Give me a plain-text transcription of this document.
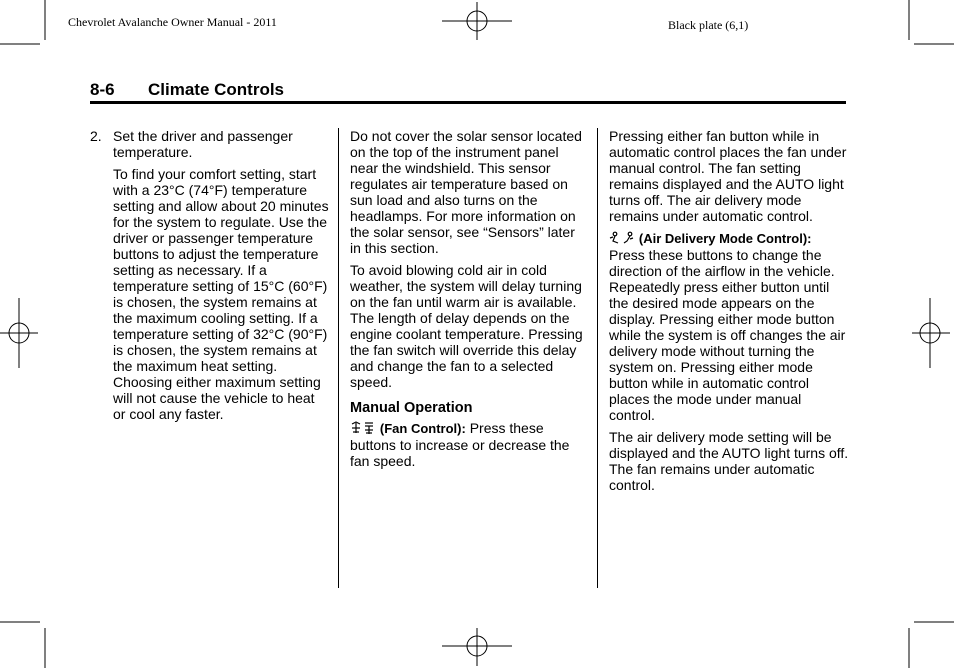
Chevrolet Avalanche Owner Manual - 2011	Black plate (6,1)
8-6 Climate Controls

2. Set the driver and passenger temperature.

To find your comfort setting, start with a 23°C (74°F) temperature setting and allow about 20 minutes for the system to regulate. Use the driver or passenger temperature buttons to adjust the temperature setting as necessary. If a temperature setting of 15°C (60°F) is chosen, the system remains at the maximum cooling setting. If a temperature setting of 32°C (90°F) is chosen, the system remains at the maximum heat setting. Choosing either maximum setting will not cause the vehicle to heat or cool any faster.

Do not cover the solar sensor located on the top of the instrument panel near the windshield. This sensor regulates air temperature based on sun load and also turns on the headlamps. For more information on the solar sensor, see “Sensors” later in this section.

To avoid blowing cold air in cold weather, the system will delay turning on the fan until warm air is available. The length of delay depends on the engine coolant temperature. Pressing the fan switch will override this delay and change the fan to a selected speed.

Manual Operation

(Fan Control): Press these buttons to increase or decrease the fan speed.

Pressing either fan button while in automatic control places the fan under manual control. The fan setting remains displayed and the AUTO light turns off. The air delivery mode remains under automatic control.

(Air Delivery Mode Control): Press these buttons to change the direction of the airflow in the vehicle. Repeatedly press either button until the desired mode appears on the display. Pressing either mode button while the system is off changes the air delivery mode without turning the system on. Pressing either mode button while in automatic control places the mode under manual control.

The air delivery mode setting will be displayed and the AUTO light turns off. The fan remains under automatic control.
